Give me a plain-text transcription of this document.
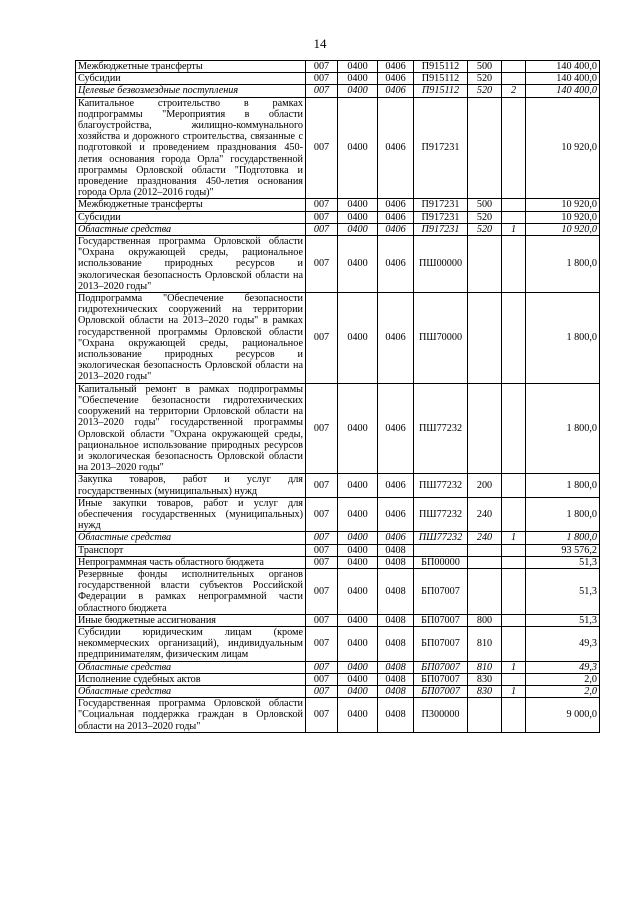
14
Межбюджетные трансферты	007	0400	0406	П915112	500		140 400,0
Субсидии	007	0400	0406	П915112	520		140 400,0
Целевые безвозмездные поступления	007	0400	0406	П915112	520	2	140 400,0
Капитальное строительство в рамках подпрограммы "Мероприятия в области благоустройства, жилищно-коммунального хозяйства и дорожного строительства, связанные с подготовкой и проведением празднования 450-летия основания города Орла" государственной программы Орловской области "Подготовка и проведение празднования 450-летия основания города Орла (2012–2016 годы)"	007	0400	0406	П917231			10 920,0
Межбюджетные трансферты	007	0400	0406	П917231	500		10 920,0
Субсидии	007	0400	0406	П917231	520		10 920,0
Областные средства	007	0400	0406	П917231	520	1	10 920,0
Государственная программа Орловской области "Охрана окружающей среды, рациональное использование природных ресурсов и экологическая безопасность Орловской области на 2013–2020 годы"	007	0400	0406	ПШ00000			1 800,0
Подпрограмма "Обеспечение безопасности гидротехнических сооружений на территории Орловской области на 2013–2020 годы" в рамках государственной программы Орловской области "Охрана окружающей среды, рациональное использование природных ресурсов и экологическая безопасность Орловской области на 2013–2020 годы"	007	0400	0406	ПШ70000			1 800,0
Капитальный ремонт в рамках подпрограммы "Обеспечение безопасности гидротехнических сооружений на территории Орловской области на 2013–2020 годы" государственной программы Орловской области "Охрана окружающей среды, рациональное использование природных ресурсов и экологическая безопасность Орловской области на 2013–2020 годы"	007	0400	0406	ПШ77232			1 800,0
Закупка товаров, работ и услуг для государственных (муниципальных) нужд	007	0400	0406	ПШ77232	200		1 800,0
Иные закупки товаров, работ и услуг для обеспечения государственных (муниципальных) нужд	007	0400	0406	ПШ77232	240		1 800,0
Областные средства	007	0400	0406	ПШ77232	240	1	1 800,0
Транспорт	007	0400	0408				93 576,2
Непрограммная часть областного бюджета	007	0400	0408	БП00000			51,3
Резервные фонды исполнительных органов государственной власти субъектов Российской Федерации в рамках непрограммной части областного бюджета	007	0400	0408	БП07007			51,3
Иные бюджетные ассигнования	007	0400	0408	БП07007	800		51,3
Субсидии юридическим лицам (кроме некоммерческих организаций), индивидуальным предпринимателям, физическим лицам	007	0400	0408	БП07007	810		49,3
Областные средства	007	0400	0408	БП07007	810	1	49,3
Исполнение судебных актов	007	0400	0408	БП07007	830		2,0
Областные средства	007	0400	0408	БП07007	830	1	2,0
Государственная программа Орловской области "Социальная поддержка граждан в Орловской области на 2013–2020 годы"	007	0400	0408	П300000			9 000,0
